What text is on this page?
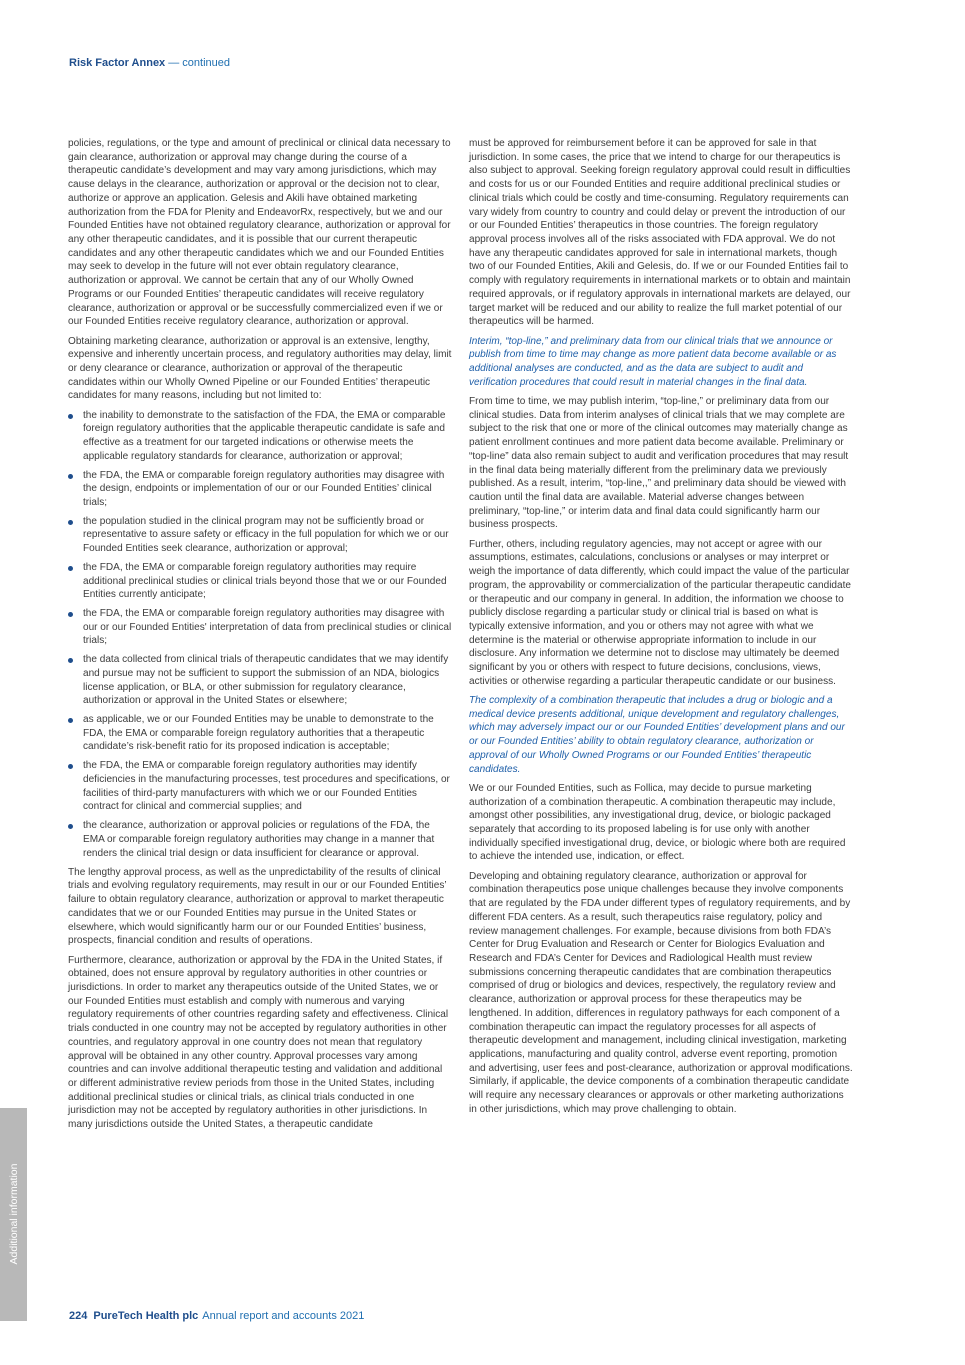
Risk Factor Annex — continued

policies, regulations, or the type and amount of preclinical or clinical data necessary to gain clearance, authorization or approval may change during the course of a therapeutic candidate’s development and may vary among jurisdictions, which may cause delays in the clearance, authorization or approval or the decision not to clear, authorize or approve an application. Gelesis and Akili have obtained marketing authorization from the FDA for Plenity and EndeavorRx, respectively, but we and our Founded Entities have not obtained regulatory clearance, authorization or approval for any other therapeutic candidates, and it is possible that our current therapeutic candidates and any other therapeutic candidates which we and our Founded Entities may seek to develop in the future will not ever obtain regulatory clearance, authorization or approval. We cannot be certain that any of our Wholly Owned Programs or our Founded Entities’ therapeutic candidates will receive regulatory clearance, authorization or approval or be successfully commercialized even if we or our Founded Entities receive regulatory clearance, authorization or approval.

Obtaining marketing clearance, authorization or approval is an extensive, lengthy, expensive and inherently uncertain process, and regulatory authorities may delay, limit or deny clearance or clearance, authorization or approval of the therapeutic candidates within our Wholly Owned Pipeline or our Founded Entities’ therapeutic candidates for many reasons, including but not limited to:

the inability to demonstrate to the satisfaction of the FDA, the EMA or comparable foreign regulatory authorities that the applicable therapeutic candidate is safe and effective as a treatment for our targeted indications or otherwise meets the applicable regulatory standards for clearance, authorization or approval;
the FDA, the EMA or comparable foreign regulatory authorities may disagree with the design, endpoints or implementation of our or our Founded Entities’ clinical trials;
the population studied in the clinical program may not be sufficiently broad or representative to assure safety or efficacy in the full population for which we or our Founded Entities seek clearance, authorization or approval;
the FDA, the EMA or comparable foreign regulatory authorities may require additional preclinical studies or clinical trials beyond those that we or our Founded Entities currently anticipate;
the FDA, the EMA or comparable foreign regulatory authorities may disagree with our or our Founded Entities' interpretation of data from preclinical studies or clinical trials;
the data collected from clinical trials of therapeutic candidates that we may identify and pursue may not be sufficient to support the submission of an NDA, biologics license application, or BLA, or other submission for regulatory clearance, authorization or approval in the United States or elsewhere;
as applicable, we or our Founded Entities may be unable to demonstrate to the FDA, the EMA or comparable foreign regulatory authorities that a therapeutic candidate’s risk-benefit ratio for its proposed indication is acceptable;
the FDA, the EMA or comparable foreign regulatory authorities may identify deficiencies in the manufacturing processes, test procedures and specifications, or facilities of third-party manufacturers with which we or our Founded Entities contract for clinical and commercial supplies; and
the clearance, authorization or approval policies or regulations of the FDA, the EMA or comparable foreign regulatory authorities may change in a manner that renders the clinical trial design or data insufficient for clearance or approval.

The lengthy approval process, as well as the unpredictability of the results of clinical trials and evolving regulatory requirements, may result in our or our Founded Entities’ failure to obtain regulatory clearance, authorization or approval to market therapeutic candidates that we or our Founded Entities may pursue in the United States or elsewhere, which would significantly harm our or our Founded Entities’ business, prospects, financial condition and results of operations.

Furthermore, clearance, authorization or approval by the FDA in the United States, if obtained, does not ensure approval by regulatory authorities in other countries or jurisdictions. In order to market any therapeutics outside of the United States, we or our Founded Entities must establish and comply with numerous and varying regulatory requirements of other countries regarding safety and effectiveness. Clinical trials conducted in one country may not be accepted by regulatory authorities in other countries, and regulatory approval in one country does not mean that regulatory approval will be obtained in any other country. Approval processes vary among countries and can involve additional therapeutic testing and validation and additional or different administrative review periods from those in the United States, including additional preclinical studies or clinical trials, as clinical trials conducted in one jurisdiction may not be accepted by regulatory authorities in other jurisdictions. In many jurisdictions outside the United States, a therapeutic candidate

must be approved for reimbursement before it can be approved for sale in that jurisdiction. In some cases, the price that we intend to charge for our therapeutics is also subject to approval. Seeking foreign regulatory approval could result in difficulties and costs for us or our Founded Entities and require additional preclinical studies or clinical trials which could be costly and time-consuming. Regulatory requirements can vary widely from country to country and could delay or prevent the introduction of our or our Founded Entities’ therapeutics in those countries. The foreign regulatory approval process involves all of the risks associated with FDA approval. We do not have any therapeutic candidates approved for sale in international markets, though two of our Founded Entities, Akili and Gelesis, do. If we or our Founded Entities fail to comply with regulatory requirements in international markets or to obtain and maintain required approvals, or if regulatory approvals in international markets are delayed, our target market will be reduced and our ability to realize the full market potential of our therapeutics will be harmed.

Interim, “top-line,” and preliminary data from our clinical trials that we announce or publish from time to time may change as more patient data become available or as additional analyses are conducted, and as the data are subject to audit and verification procedures that could result in material changes in the final data.

From time to time, we may publish interim, “top-line,” or preliminary data from our clinical studies. Data from interim analyses of clinical trials that we may complete are subject to the risk that one or more of the clinical outcomes may materially change as patient enrollment continues and more patient data become available. Preliminary or “top-line” data also remain subject to audit and verification procedures that may result in the final data being materially different from the preliminary data we previously published. As a result, interim, “top-line,,” and preliminary data should be viewed with caution until the final data are available. Material adverse changes between preliminary, “top-line,” or interim data and final data could significantly harm our business prospects.

Further, others, including regulatory agencies, may not accept or agree with our assumptions, estimates, calculations, conclusions or analyses or may interpret or weigh the importance of data differently, which could impact the value of the particular program, the approvability or commercialization of the particular therapeutic candidate or therapeutic and our company in general. In addition, the information we choose to publicly disclose regarding a particular study or clinical trial is based on what is typically extensive information, and you or others may not agree with what we determine is the material or otherwise appropriate information to include in our disclosure. Any information we determine not to disclose may ultimately be deemed significant by you or others with respect to future decisions, conclusions, views, activities or otherwise regarding a particular therapeutic candidate or our business.

The complexity of a combination therapeutic that includes a drug or biologic and a medical device presents additional, unique development and regulatory challenges, which may adversely impact our or our Founded Entities’ development plans and our or our Founded Entities’ ability to obtain regulatory clearance, authorization or approval of our Wholly Owned Programs or our Founded Entities’ therapeutic candidates.

We or our Founded Entities, such as Follica, may decide to pursue marketing authorization of a combination therapeutic. A combination therapeutic may include, amongst other possibilities, any investigational drug, device, or biologic packaged separately that according to its proposed labeling is for use only with another individually specified investigational drug, device, or biologic where both are required to achieve the intended use, indication, or effect.

Developing and obtaining regulatory clearance, authorization or approval for combination therapeutics pose unique challenges because they involve components that are regulated by the FDA under different types of regulatory requirements, and by different FDA centers. As a result, such therapeutics raise regulatory, policy and review management challenges. For example, because divisions from both FDA’s Center for Drug Evaluation and Research or Center for Biologics Evaluation and Research and FDA’s Center for Devices and Radiological Health must review submissions concerning therapeutic candidates that are combination therapeutics comprised of drug or biologics and devices, respectively, the regulatory review and clearance, authorization or approval process for these therapeutics may be lengthened. In addition, differences in regulatory pathways for each component of a combination therapeutic can impact the regulatory processes for all aspects of therapeutic development and management, including clinical investigation, marketing applications, manufacturing and quality control, adverse event reporting, promotion and advertising, user fees and post-clearance, authorization or approval modifications. Similarly, if applicable, the device components of a combination therapeutic candidate will require any necessary clearances or approvals or other marketing authorizations in other jurisdictions, which may prove challenging to obtain.

Additional information
224 PureTech Health plc Annual report and accounts 2021
